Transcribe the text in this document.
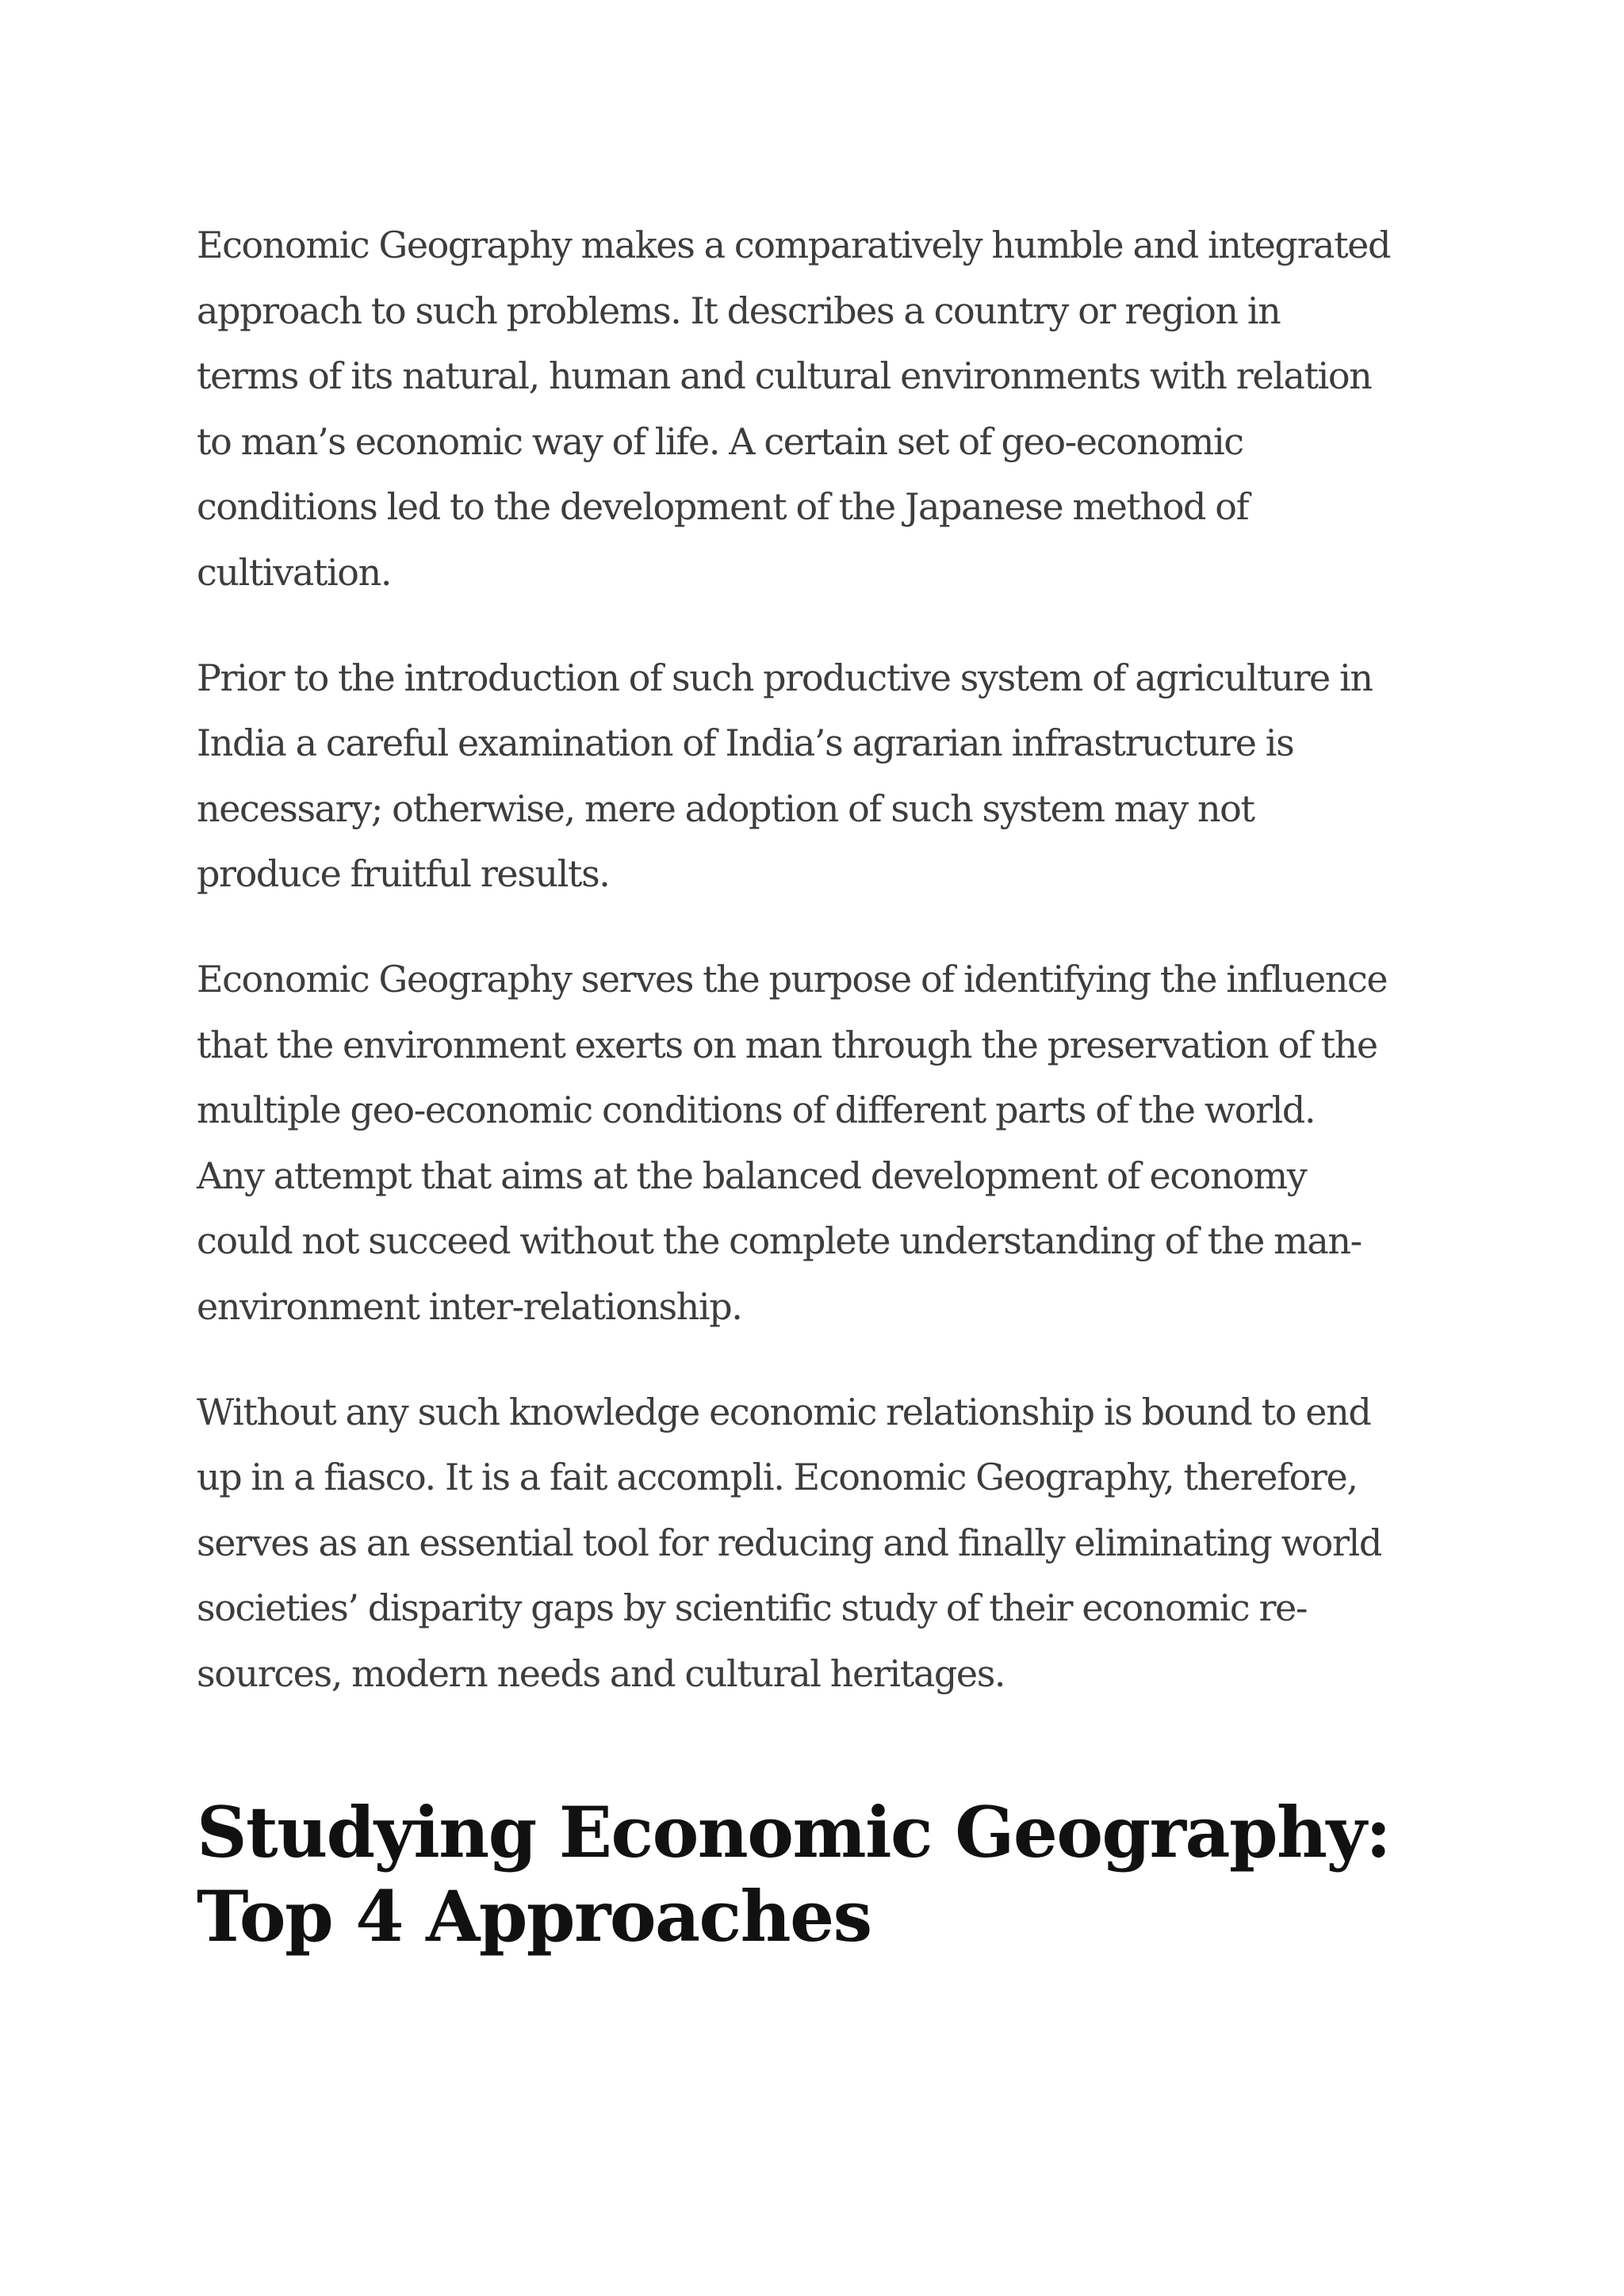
Economic Geography makes a comparatively humble and integrated
approach to such problems. It describes a country or region in
terms of its natural, human and cultural environments with relation
to man’s economic way of life. A certain set of geo-economic
conditions led to the development of the Japanese method of
cultivation.

Prior to the introduction of such productive system of agriculture in
India a careful examination of India’s agrarian infrastructure is
necessary; otherwise, mere adoption of such system may not
produce fruitful results.

Economic Geography serves the purpose of identifying the influence
that the environment exerts on man through the preservation of the
multiple geo-economic conditions of different parts of the world.
Any attempt that aims at the balanced development of economy
could not succeed without the complete understanding of the man-
environment inter-relationship.

Without any such knowledge economic relationship is bound to end
up in a fiasco. It is a fait accompli. Economic Geography, therefore,
serves as an essential tool for reducing and finally eliminating world
societies’ disparity gaps by scientific study of their economic re-
sources, modern needs and cultural heritages.

Studying Economic Geography:
Top 4 Approaches
